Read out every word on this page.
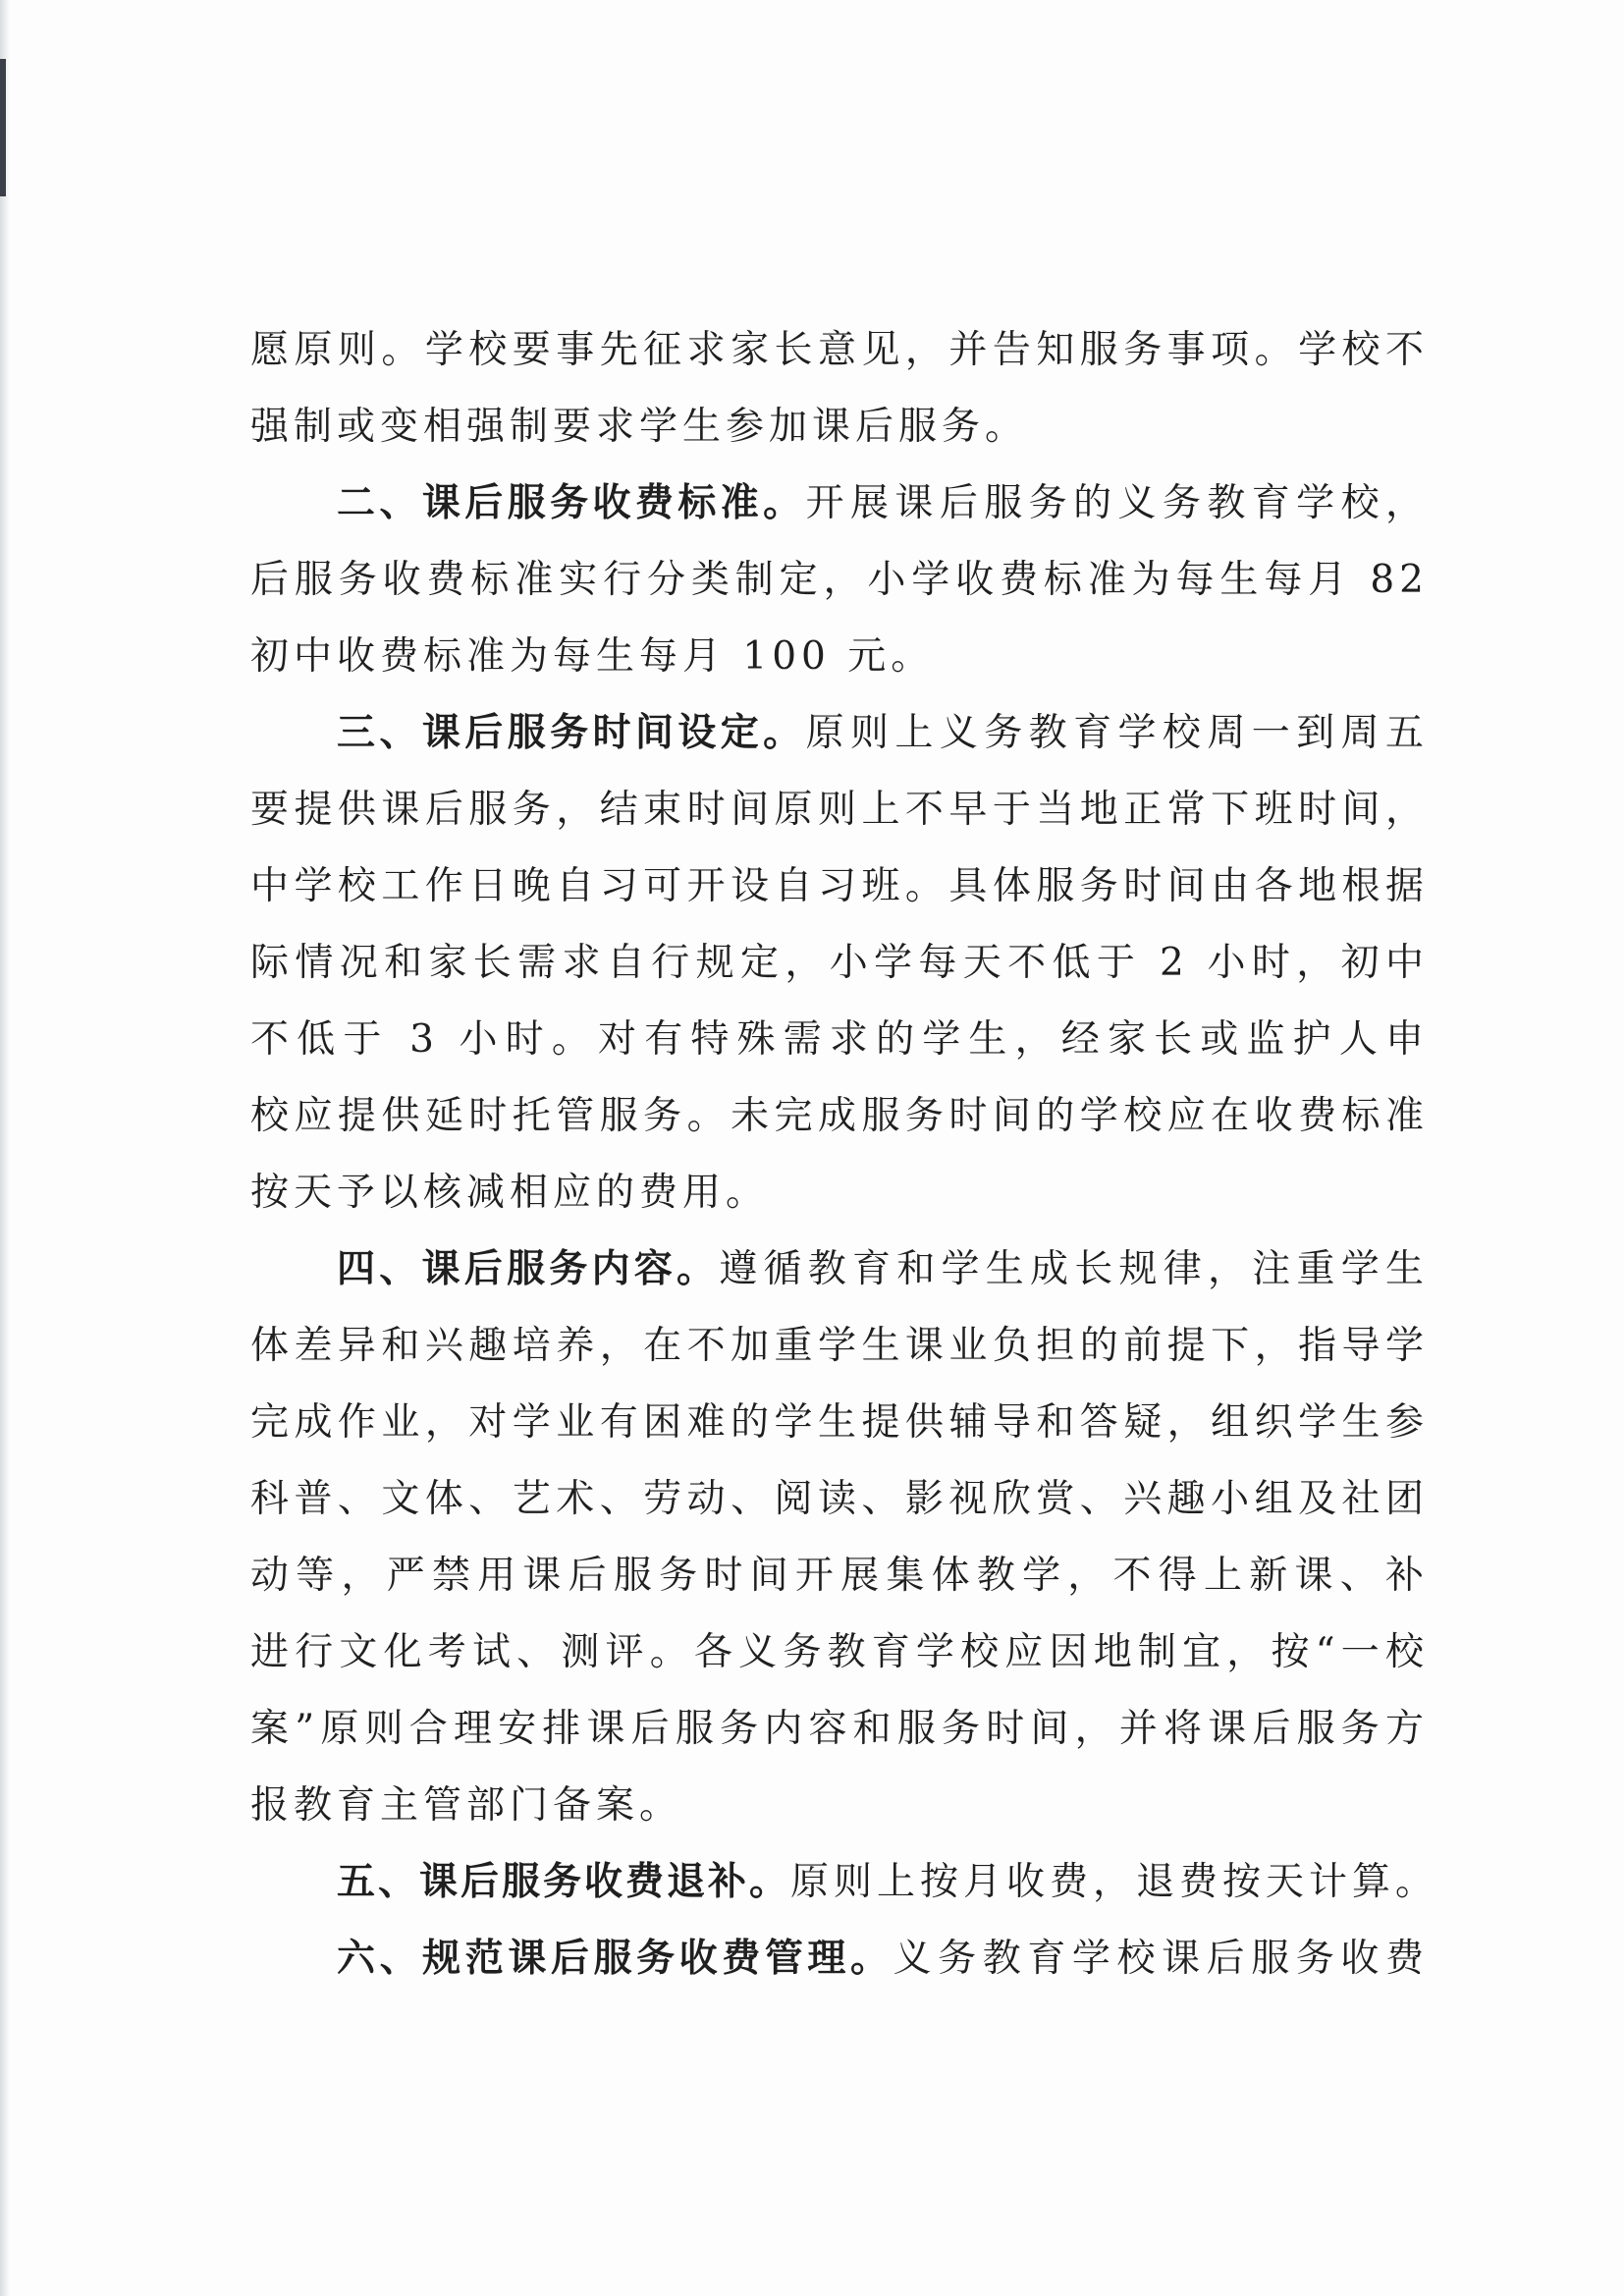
愿原则。学校要事先征求家长意见，并告知服务事项。学校不
强制或变相强制要求学生参加课后服务。
二、课后服务收费标准。开展课后服务的义务教育学校，
后服务收费标准实行分类制定，小学收费标准为每生每月 82
初中收费标准为每生每月 100 元。
三、课后服务时间设定。原则上义务教育学校周一到周五
要提供课后服务，结束时间原则上不早于当地正常下班时间，
中学校工作日晚自习可开设自习班。具体服务时间由各地根据
际情况和家长需求自行规定，小学每天不低于 2 小时，初中
不低于 3 小时。对有特殊需求的学生，经家长或监护人申
校应提供延时托管服务。未完成服务时间的学校应在收费标准
按天予以核减相应的费用。
四、课后服务内容。遵循教育和学生成长规律，注重学生
体差异和兴趣培养，在不加重学生课业负担的前提下，指导学
完成作业，对学业有困难的学生提供辅导和答疑，组织学生参
科普、文体、艺术、劳动、阅读、影视欣赏、兴趣小组及社团
动等，严禁用课后服务时间开展集体教学，不得上新课、补
进行文化考试、测评。各义务教育学校应因地制宜，按“一校
案”原则合理安排课后服务内容和服务时间，并将课后服务方
报教育主管部门备案。
五、课后服务收费退补。原则上按月收费，退费按天计算。
六、规范课后服务收费管理。义务教育学校课后服务收费
